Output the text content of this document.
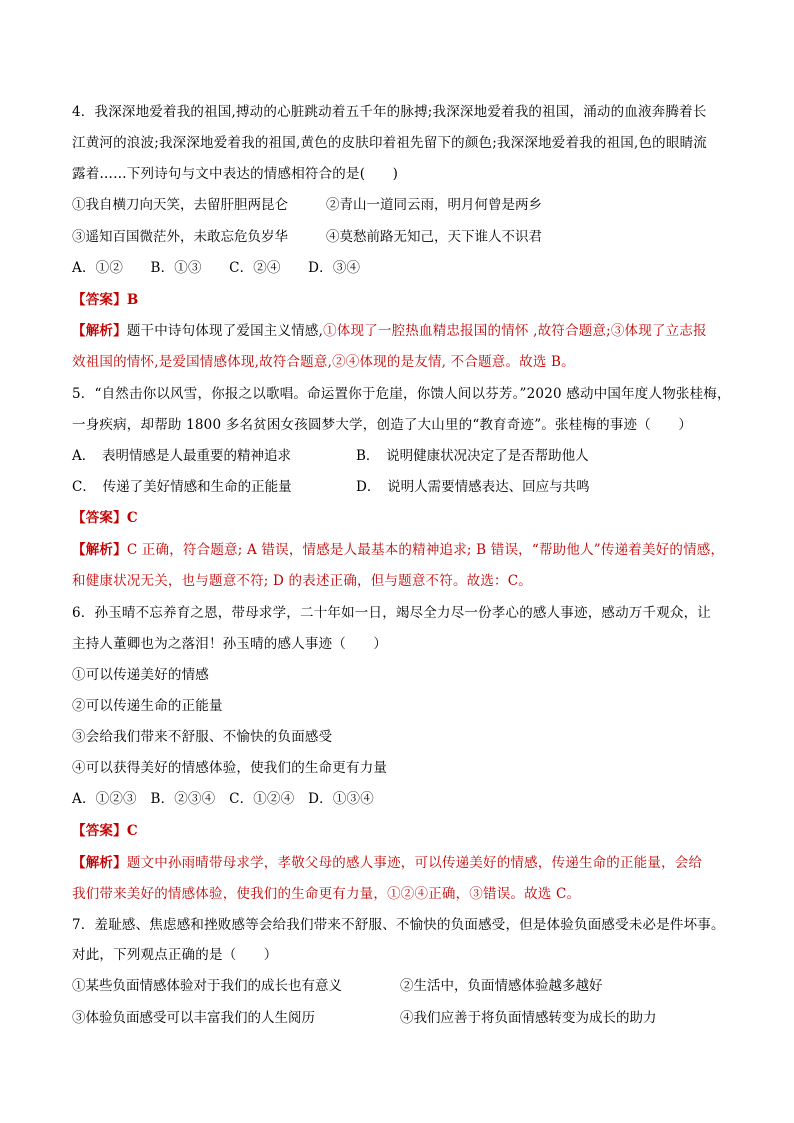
4．我深深地爱着我的祖国,搏动的心脏跳动着五千年的脉搏;我深深地爱着我的祖国，涌动的血液奔腾着长
江黄河的浪波;我深深地爱着我的祖国,黄色的皮肤印着祖先留下的颜色;我深深地爱着我的祖国,色的眼睛流
露着……下列诗句与文中表达的情感相符合的是(　　)
①我自横刀向天笑，去留肝胆两昆仑	②青山一道同云雨，明月何曾是两乡
③遥知百国微茫外，未敢忘危负岁华	④莫愁前路无知己，天下谁人不识君
A．①②　　B．①③　　C．②④　　D．③④
【答案】B
【解析】题干中诗句体现了爱国主义情感,①体现了一腔热血精忠报国的情怀 ,故符合题意;③体现了立志报
效祖国的情怀,是爱国情感体现,故符合题意,②④体现的是友情, 不合题意。故选 B。
5．“自然击你以风雪，你报之以歌唱。命运置你于危崖，你馈人间以芬芳。”2020 感动中国年度人物张桂梅，
一身疾病，却帮助 1800 多名贫困女孩圆梦大学，创造了大山里的“教育奇迹”。张桂梅的事迹（　　）
A．　表明情感是人最重要的精神追求	B．　说明健康状况决定了是否帮助他人
C．　传递了美好情感和生命的正能量	D．　说明人需要情感表达、回应与共鸣
【答案】C
【解析】C 正确，符合题意; A 错误，情感是人最基本的精神追求; B 错误，“帮助他人”传递着美好的情感，
和健康状况无关，也与题意不符; D 的表述正确，但与题意不符。故选：C。
6．孙玉晴不忘养育之恩，带母求学，二十年如一日，竭尽全力尽一份孝心的感人事迹，感动万千观众，让
主持人董卿也为之落泪！孙玉晴的感人事迹（　　）
①可以传递美好的情感
②可以传递生命的正能量
③会给我们带来不舒服、不愉快的负面感受
④可以获得美好的情感体验，使我们的生命更有力量
A．①②③　B．②③④　C．①②④　D．①③④
【答案】C
【解析】题文中孙雨晴带母求学，孝敬父母的感人事迹，可以传递美好的情感，传递生命的正能量，会给
我们带来美好的情感体验，使我们的生命更有力量，①②④正确，③错误。故选 C。
7．羞耻感、焦虑感和挫败感等会给我们带来不舒服、不愉快的负面感受，但是体验负面感受未必是件坏事。
对此，下列观点正确的是（　　）
①某些负面情感体验对于我们的成长也有意义	②生活中，负面情感体验越多越好
③体验负面感受可以丰富我们的人生阅历	④我们应善于将负面情感转变为成长的助力
